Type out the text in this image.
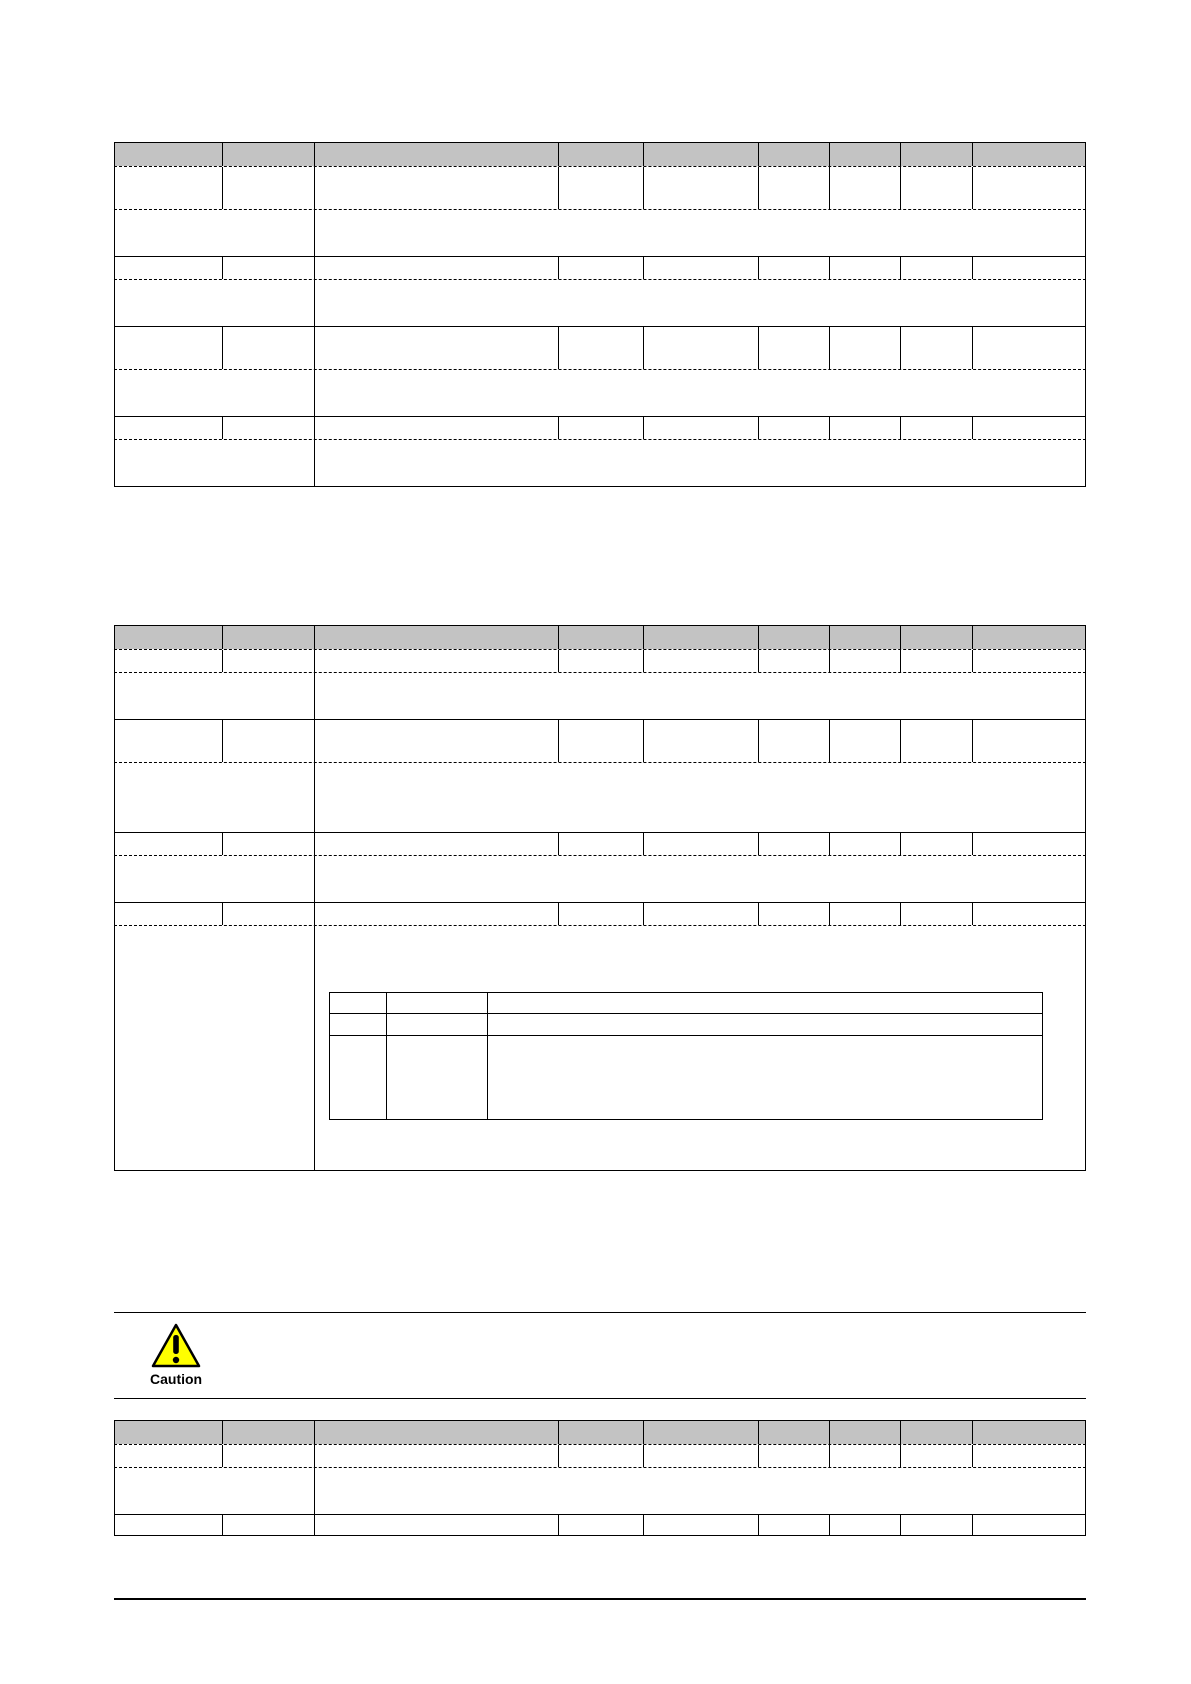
Caution
